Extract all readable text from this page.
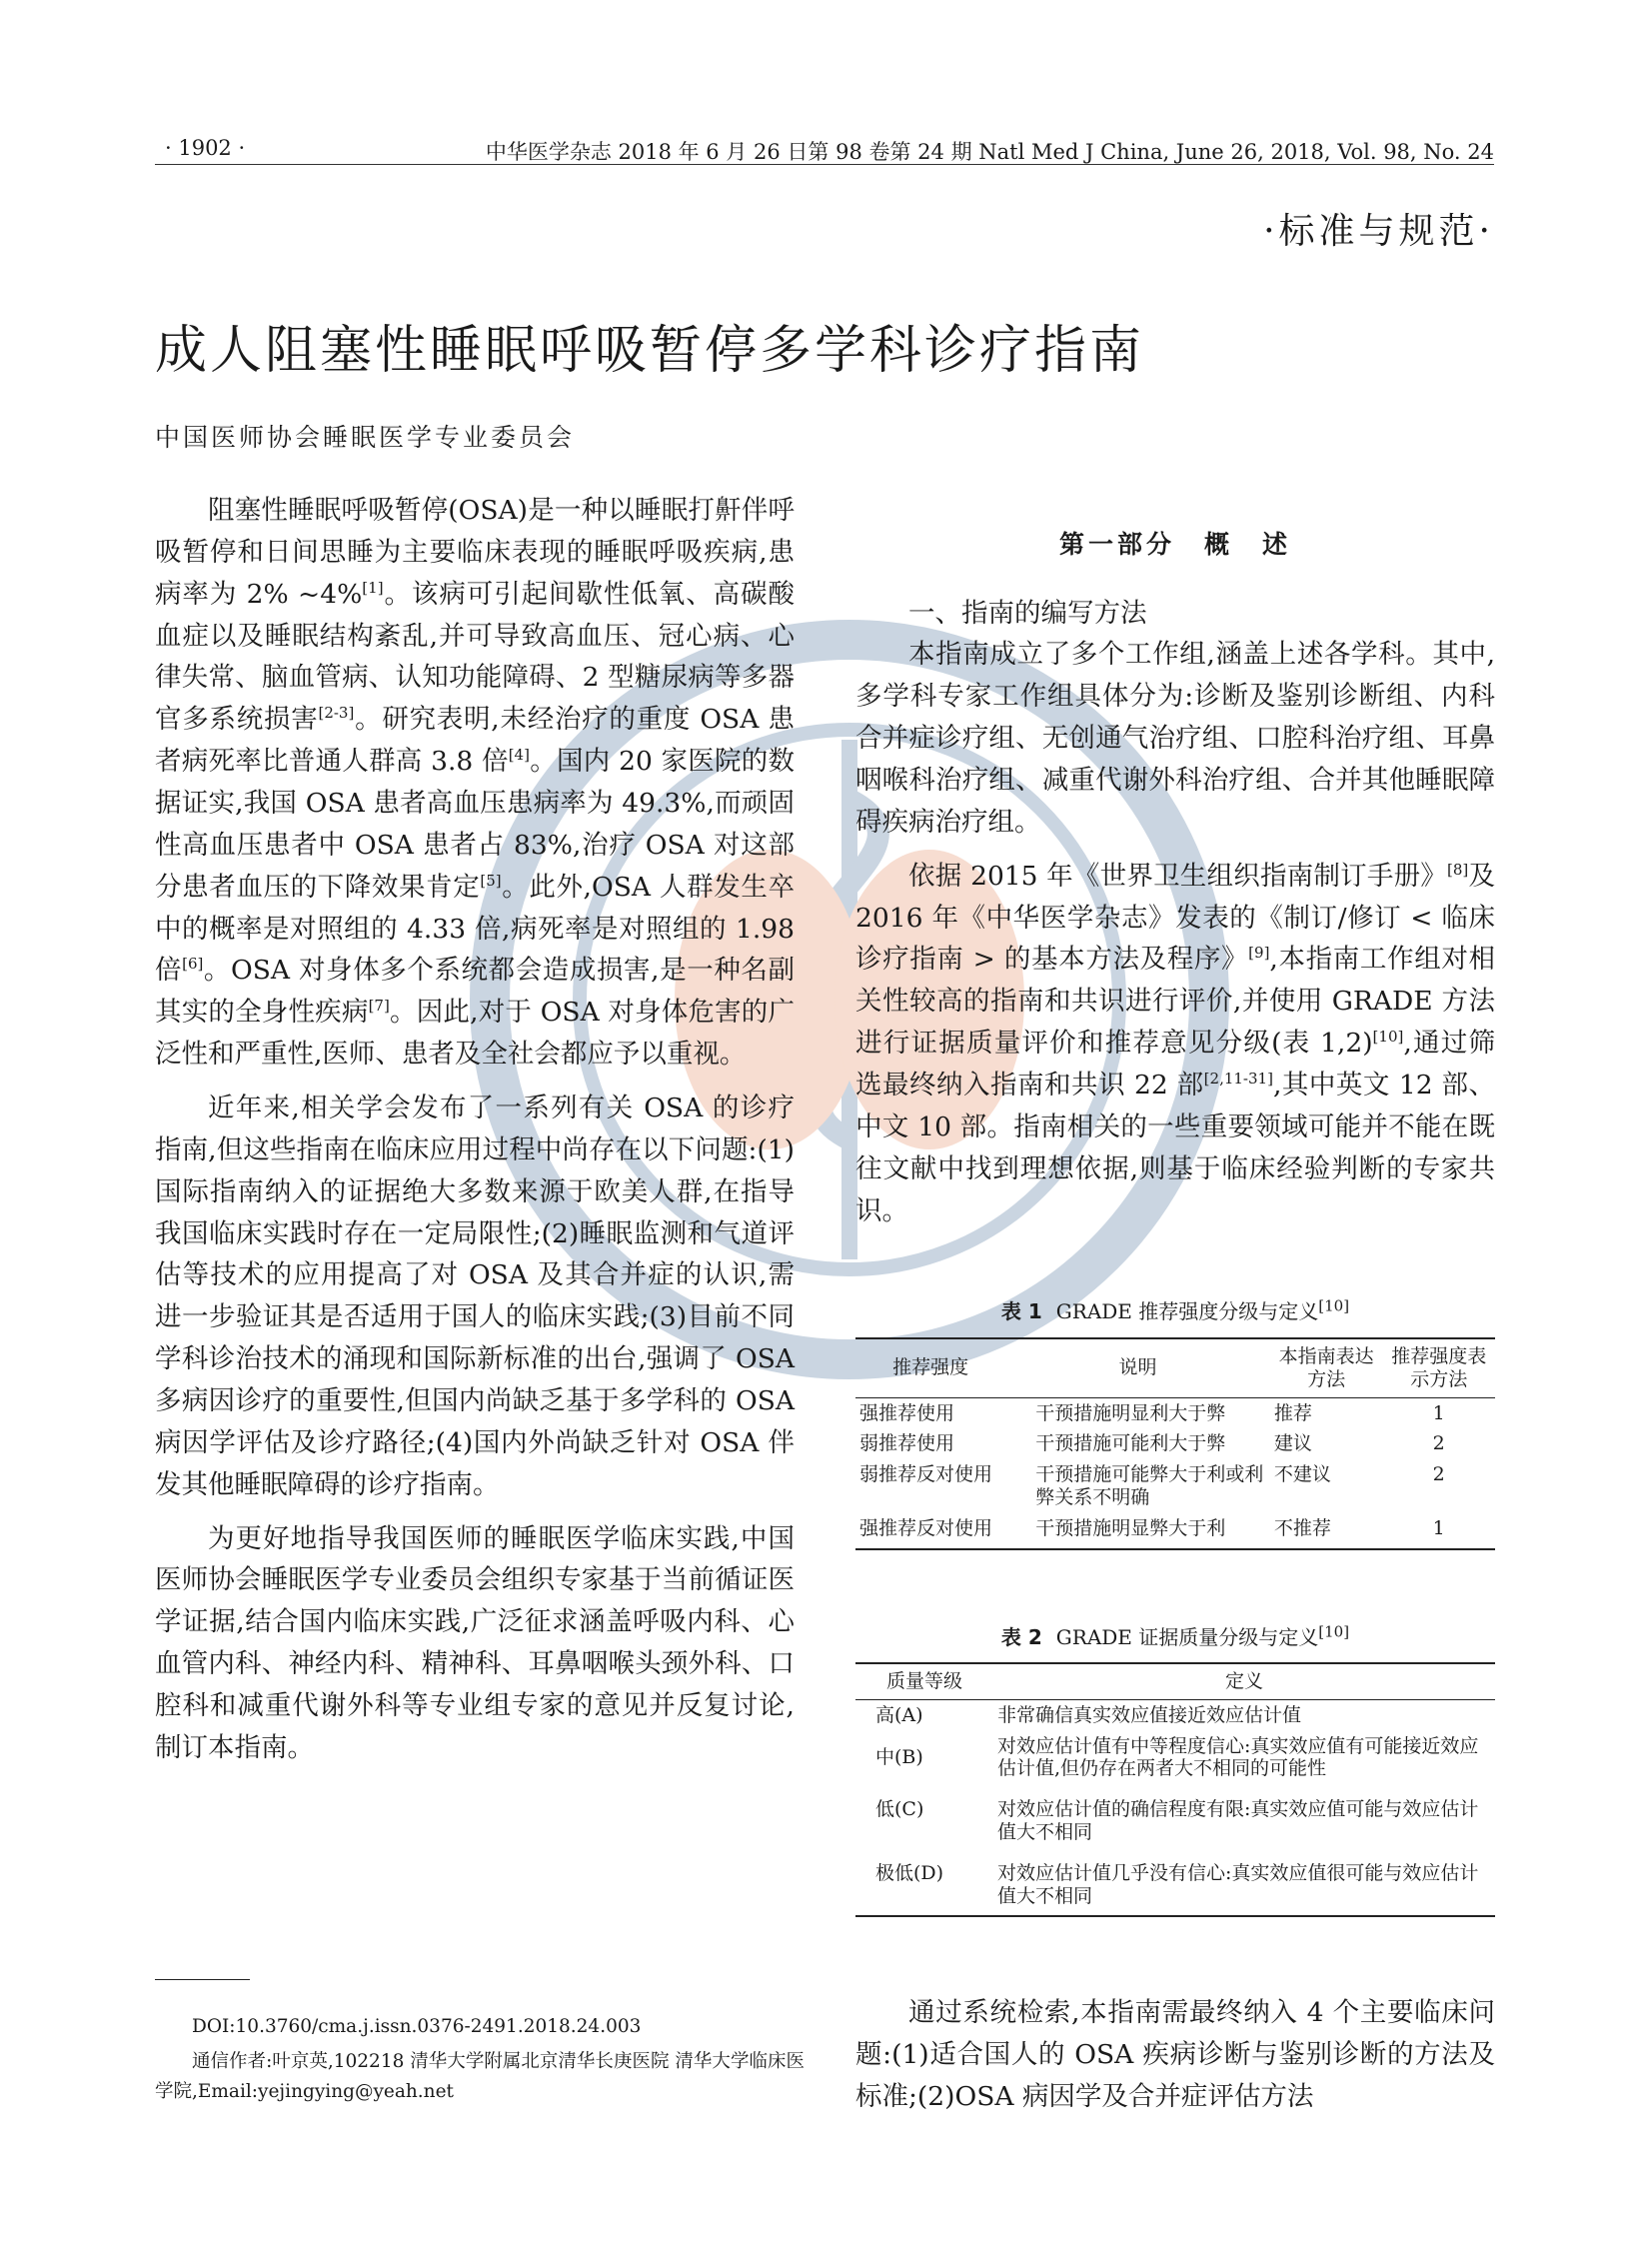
· 1902 ·	中华医学杂志 2018 年 6 月 26 日第 98 卷第 24 期 Natl Med J China, June 26, 2018, Vol. 98, No. 24
·标准与规范·
成人阻塞性睡眠呼吸暂停多学科诊疗指南
中国医师协会睡眠医学专业委员会

阻塞性睡眠呼吸暂停(OSA)是一种以睡眠打鼾伴呼吸暂停和日间思睡为主要临床表现的睡眠呼吸疾病,患病率为 2% ~4%[1]。该病可引起间歇性低氧、高碳酸血症以及睡眠结构紊乱,并可导致高血压、冠心病、心律失常、脑血管病、认知功能障碍、2 型糖尿病等多器官多系统损害[2-3]。研究表明,未经治疗的重度 OSA 患者病死率比普通人群高 3.8 倍[4]。国内 20 家医院的数据证实,我国 OSA 患者高血压患病率为 49.3%,而顽固性高血压患者中 OSA 患者占 83%,治疗 OSA 对这部分患者血压的下降效果肯定[5]。此外,OSA 人群发生卒中的概率是对照组的 4.33 倍,病死率是对照组的 1.98 倍[6]。OSA 对身体多个系统都会造成损害,是一种名副其实的全身性疾病[7]。因此,对于 OSA 对身体危害的广泛性和严重性,医师、患者及全社会都应予以重视。

近年来,相关学会发布了一系列有关 OSA 的诊疗指南,但这些指南在临床应用过程中尚存在以下问题:(1)国际指南纳入的证据绝大多数来源于欧美人群,在指导我国临床实践时存在一定局限性;(2)睡眠监测和气道评估等技术的应用提高了对 OSA 及其合并症的认识,需进一步验证其是否适用于国人的临床实践;(3)目前不同学科诊治技术的涌现和国际新标准的出台,强调了 OSA 多病因诊疗的重要性,但国内尚缺乏基于多学科的 OSA 病因学评估及诊疗路径;(4)国内外尚缺乏针对 OSA 伴发其他睡眠障碍的诊疗指南。

为更好地指导我国医师的睡眠医学临床实践,中国医师协会睡眠医学专业委员会组织专家基于当前循证医学证据,结合国内临床实践,广泛征求涵盖呼吸内科、心血管内科、神经内科、精神科、耳鼻咽喉头颈外科、口腔科和减重代谢外科等专业组专家的意见并反复讨论,制订本指南。

第一部分　概　述

一、指南的编写方法

本指南成立了多个工作组,涵盖上述各学科。其中,多学科专家工作组具体分为:诊断及鉴别诊断组、内科合并症诊疗组、无创通气治疗组、口腔科治疗组、耳鼻咽喉科治疗组、减重代谢外科治疗组、合并其他睡眠障碍疾病治疗组。

依据 2015 年《世界卫生组织指南制订手册》[8]及 2016 年《中华医学杂志》发表的《制订/修订 < 临床诊疗指南 > 的基本方法及程序》[9],本指南工作组对相关性较高的指南和共识进行评价,并使用 GRADE 方法进行证据质量评价和推荐意见分级(表 1,2)[10],通过筛选最终纳入指南和共识 22 部[2,11-31],其中英文 12 部、中文 10 部。指南相关的一些重要领域可能并不能在既往文献中找到理想依据,则基于临床经验判断的专家共识。

表 1 GRADE 推荐强度分级与定义[10]
推荐强度	说明	本指南表达方法	推荐强度表示方法
强推荐使用	干预措施明显利大于弊	推荐	1
弱推荐使用	干预措施可能利大于弊	建议	2
弱推荐反对使用	干预措施可能弊大于利或利弊关系不明确	不建议	2
强推荐反对使用	干预措施明显弊大于利	不推荐	1
表 2 GRADE 证据质量分级与定义[10]
质量等级	定义
高(A)	非常确信真实效应值接近效应估计值
中(B)	对效应估计值有中等程度信心:真实效应值有可能接近效应估计值,但仍存在两者大不相同的可能性
低(C)	对效应估计值的确信程度有限:真实效应值可能与效应估计值大不相同
极低(D)	对效应估计值几乎没有信心:真实效应值很可能与效应估计值大不相同

通过系统检索,本指南需最终纳入 4 个主要临床问题:(1)适合国人的 OSA 疾病诊断与鉴别诊断的方法及标准;(2)OSA 病因学及合并症评估方法

DOI:10.3760/cma.j.issn.0376-2491.2018.24.003
通信作者:叶京英,102218 清华大学附属北京清华长庚医院 清华大学临床医学院,Email:yejingying@yeah.net
